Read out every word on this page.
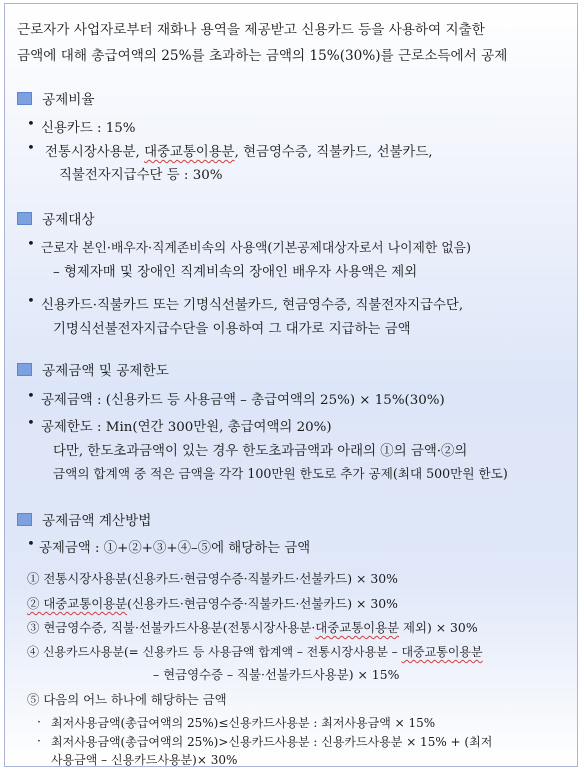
근로자가 사업자로부터 재화나 용역을 제공받고 신용카드 등을 사용하여 지출한
금액에 대해 총급여액의 25%를 초과하는 금액의 15%(30%)를 근로소득에서 공제
공제비율
• 신용카드 : 15%
• 전통시장사용분, 대중교통이용분, 현금영수증, 직불카드, 선불카드,
직불전자지급수단 등 : 30%
공제대상
• 근로자 본인·배우자·직계존비속의 사용액(기본공제대상자로서 나이제한 없음)
– 형제자매 및 장애인 직계비속의 장애인 배우자 사용액은 제외
• 신용카드·직불카드 또는 기명식선불카드, 현금영수증, 직불전자지급수단,
기명식선불전자지급수단을 이용하여 그 대가로 지급하는 금액
공제금액 및 공제한도
• 공제금액 : (신용카드 등 사용금액 – 총급여액의 25%) × 15%(30%)
• 공제한도 : Min(연간 300만원, 총급여액의 20%)
다만, 한도초과금액이 있는 경우 한도초과금액과 아래의 ①의 금액·②의
금액의 합계액 중 적은 금액을 각각 100만원 한도로 추가 공제(최대 500만원 한도)
공제금액 계산방법
• 공제금액 : ①+②+③+④–⑤에 해당하는 금액
① 전통시장사용분(신용카드·현금영수증·직불카드·선불카드) × 30%
② 대중교통이용분(신용카드·현금영수증·직불카드·선불카드) × 30%
③ 현금영수증, 직불·선불카드사용분(전통시장사용분·대중교통이용분 제외) × 30%
④ 신용카드사용분(= 신용카드 등 사용금액 합계액 – 전통시장사용분 – 대중교통이용분
– 현금영수증 – 직불·선불카드사용분) × 15%
⑤ 다음의 어느 하나에 해당하는 금액
· 최저사용금액(총급여액의 25%)≤신용카드사용분 : 최저사용금액 × 15%
· 최저사용금액(총급여액의 25%)>신용카드사용분 : 신용카드사용분 × 15% + (최저
사용금액 – 신용카드사용분)× 30%
